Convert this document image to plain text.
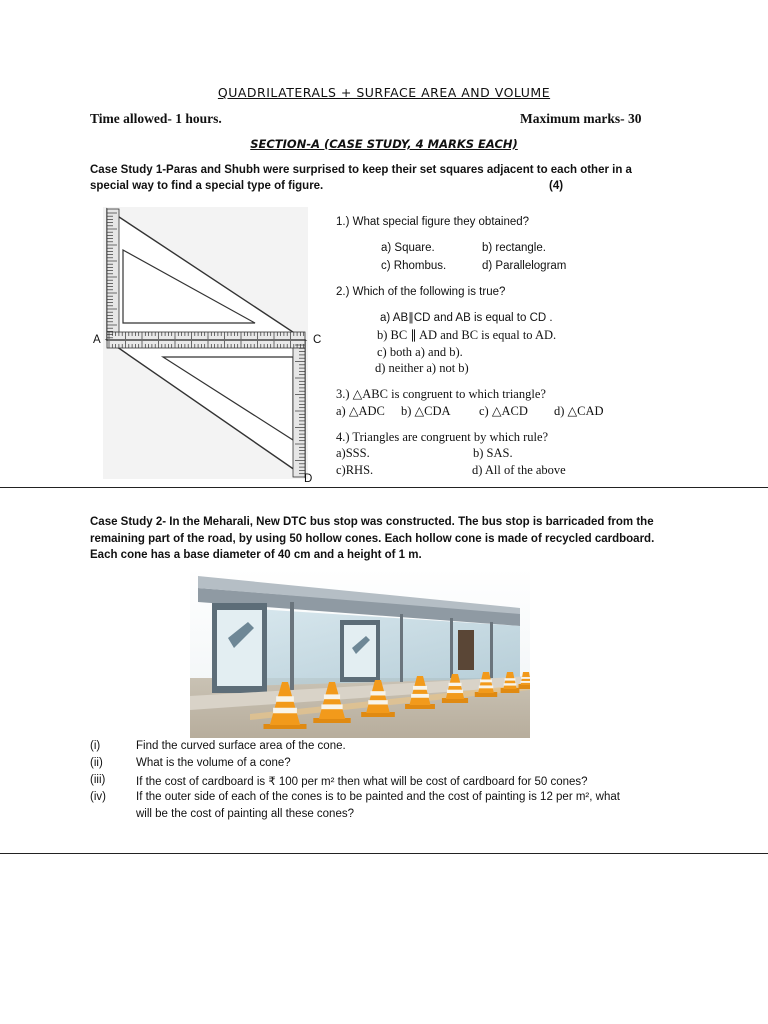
QUADRILATERALS + SURFACE AREA AND VOLUME
Time allowed- 1 hours.	Maximum marks- 30
SECTION-A (CASE STUDY, 4 MARKS EACH)
Case Study 1-Paras and Shubh were surprised to keep their set squares adjacent to each other in a
special way to find a special type of figure.	(4)
A	C
D
1.) What special figure they obtained?
a) Square.	b) rectangle.
c) Rhombus.	d) Parallelogram
2.) Which of the following is true?
a) AB∥CD and AB is equal to CD .
b) BC ∥ AD and BC is equal to AD.
c) both a) and b).
d) neither a) not b)
3.) △ABC is congruent to which triangle?
a) △ADC b) △CDA c) △ACD d) △CAD
4.) Triangles are congruent by which rule?
a)SSS.	b) SAS.
c)RHS.	d) All of the above
Case Study 2- In the Meharali, New DTC bus stop was constructed. The bus stop is barricaded from the
remaining part of the road, by using 50 hollow cones. Each hollow cone is made of recycled cardboard.
Each cone has a base diameter of 40 cm and a height of 1 m.
(i)	Find the curved surface area of the cone.
(ii)	What is the volume of a cone?
(iii)	If the cost of cardboard is ₹ 100 per m² then what will be cost of cardboard for 50 cones?
(iv)	If the outer side of each of the cones is to be painted and the cost of painting is 12 per m², what
will be the cost of painting all these cones?
